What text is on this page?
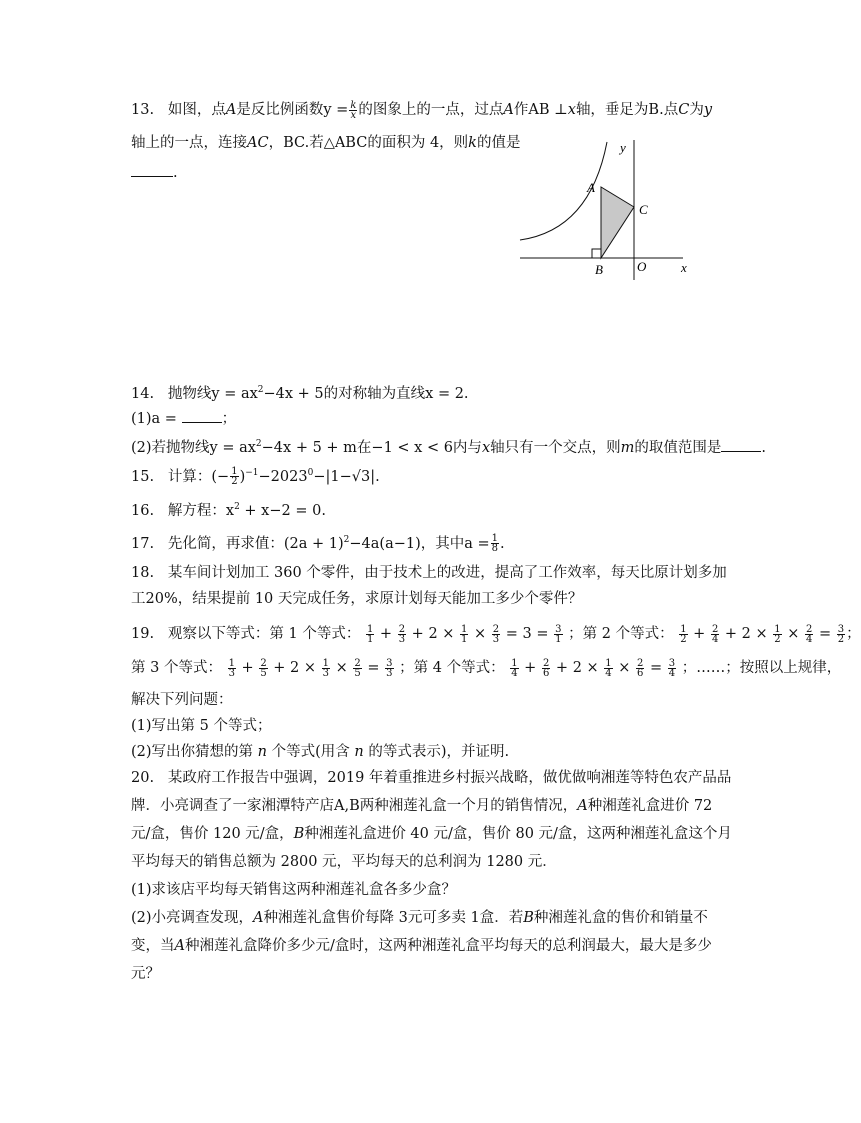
13. 如图，点A是反比例函数$y = \frac{k}{x}$ 的图象上的一点，过点A作AB ⊥x轴，垂足为B.点C为y
轴上的一点，连接AC，BC.若△ABC的面积为 4，则k的值是
.
y
A
C
B	O	x
14. 抛物线$y = ax^2-4x + 5$的对称轴为直线x = 2.
(1)a =	；
(2)若抛物线$y = ax^2-4x + 5 + m$在−1 < x < 6内与x轴只有一个交点，则m的取值范围是	.
15. 计算：(− $\frac{1}{2} )^{-1}-2023^0-|1-√3|$.
16. 解方程：$x^2 + x-2 = 0$.
17. 先化简，再求值：$(2a + 1)^2-4a(a-1)$，其中$a = \frac{1}{8}$ .
18. 某车间计划加工 360 个零件，由于技术上的改进，提高了工作效率，每天比原计划多加
工20%，结果提前 10 天完成任务，求原计划每天能加工多少个零件？
19. 观察以下等式：第 1 个等式： $\frac{1}{1} + \frac{2}{3} + 2 \times \frac{1}{1} \times \frac{2}{3} = 3 = \frac{3}{1}$ ；第 2 个等式： $\frac{1}{2} + \frac{2}{4} + 2 \times \frac{1}{2} \times \frac{2}{4} = \frac{3}{2}$ ；
第 3 个等式： $\frac{1}{3} + \frac{2}{5} + 2 \times \frac{1}{3} \times \frac{2}{5} = \frac{3}{3}$ ；第 4 个等式： $\frac{1}{4} + \frac{2}{6} + 2 \times \frac{1}{4} \times \frac{2}{6} = \frac{3}{4}$ ；……；按照以上规律，
解决下列问题：
(1)写出第 5 个等式；
(2)写出你猜想的第 n 个等式(用含 n 的等式表示)，并证明.
20. 某政府工作报告中强调，2019 年着重推进乡村振兴战略，做优做响湘莲等特色农产品品
牌．小亮调查了一家湘潭特产店A,B两种湘莲礼盒一个月的销售情况，A种湘莲礼盒进价 72
元/盒，售价 120 元/盒，B种湘莲礼盒进价 40 元/盒，售价 80 元/盒，这两种湘莲礼盒这个月
平均每天的销售总额为 2800 元，平均每天的总利润为 1280 元．
(1)求该店平均每天销售这两种湘莲礼盒各多少盒？
(2)小亮调查发现，A种湘莲礼盒售价每降 3元可多卖 1盒．若B种湘莲礼盒的售价和销量不
变，当A种湘莲礼盒降价多少元/盒时，这两种湘莲礼盒平均每天的总利润最大，最大是多少
元？
